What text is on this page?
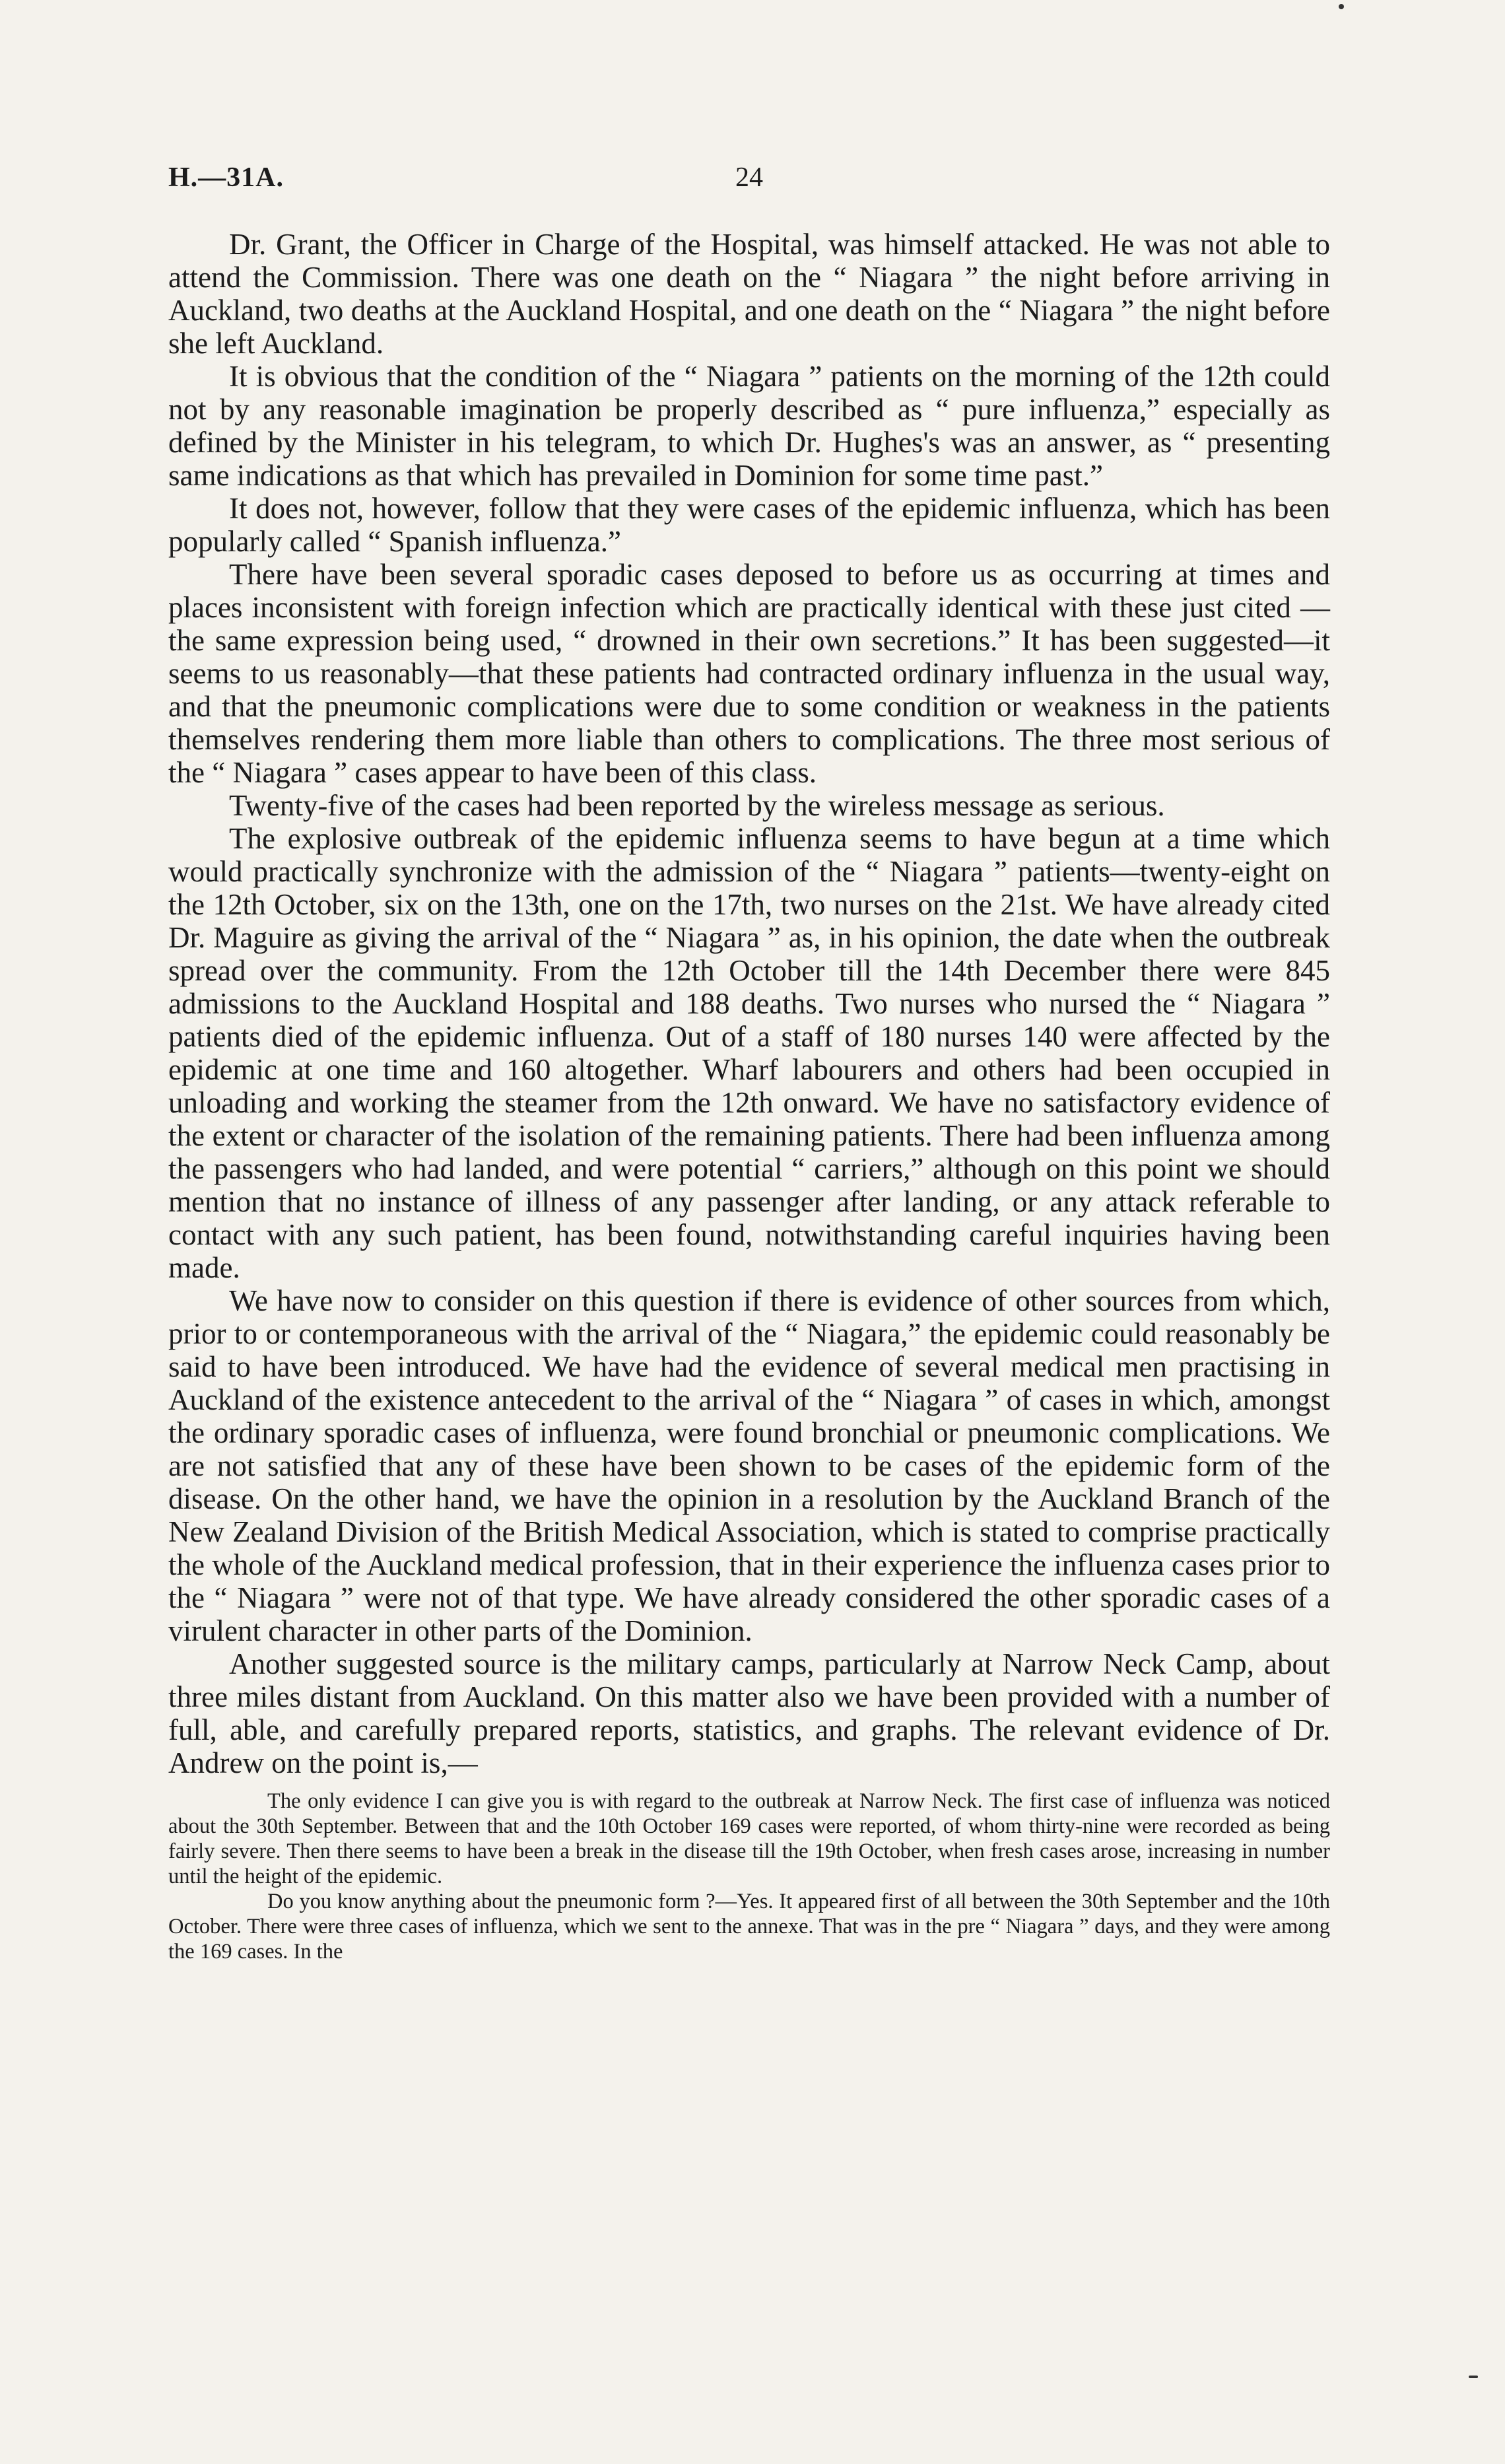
H.—31A.	24

Dr. Grant, the Officer in Charge of the Hospital, was himself attacked. He was not able to attend the Commission. There was one death on the “ Niagara ” the night before arriving in Auckland, two deaths at the Auckland Hospital, and one death on the “ Niagara ” the night before she left Auckland.

It is obvious that the condition of the “ Niagara ” patients on the morning of the 12th could not by any reasonable imagination be properly described as “ pure influenza,” especially as defined by the Minister in his telegram, to which Dr. Hughes's was an answer, as “ presenting same indications as that which has prevailed in Dominion for some time past.”

It does not, however, follow that they were cases of the epidemic influenza, which has been popularly called “ Spanish influenza.”

There have been several sporadic cases deposed to before us as occurring at times and places inconsistent with foreign infection which are practically identical with these just cited — the same expression being used, “ drowned in their own secretions.” It has been suggested—it seems to us reasonably—that these patients had contracted ordinary influenza in the usual way, and that the pneumonic complications were due to some condition or weakness in the patients themselves rendering them more liable than others to complications. The three most serious of the “ Niagara ” cases appear to have been of this class.

Twenty-five of the cases had been reported by the wireless message as serious.

The explosive outbreak of the epidemic influenza seems to have begun at a time which would practically synchronize with the admission of the “ Niagara ” patients—twenty-eight on the 12th October, six on the 13th, one on the 17th, two nurses on the 21st. We have already cited Dr. Maguire as giving the arrival of the “ Niagara ” as, in his opinion, the date when the outbreak spread over the community. From the 12th October till the 14th December there were 845 admissions to the Auckland Hospital and 188 deaths. Two nurses who nursed the “ Niagara ” patients died of the epidemic influenza. Out of a staff of 180 nurses 140 were affected by the epidemic at one time and 160 altogether. Wharf labourers and others had been occupied in unloading and working the steamer from the 12th onward. We have no satisfactory evidence of the extent or character of the isolation of the remaining patients. There had been influenza among the passengers who had landed, and were potential “ carriers,” although on this point we should mention that no instance of illness of any passenger after landing, or any attack referable to contact with any such patient, has been found, notwithstanding careful inquiries having been made.

We have now to consider on this question if there is evidence of other sources from which, prior to or contemporaneous with the arrival of the “ Niagara,” the epidemic could reasonably be said to have been introduced. We have had the evidence of several medical men practising in Auckland of the existence antecedent to the arrival of the “ Niagara ” of cases in which, amongst the ordinary sporadic cases of influenza, were found bronchial or pneumonic complications. We are not satisfied that any of these have been shown to be cases of the epidemic form of the disease. On the other hand, we have the opinion in a resolution by the Auckland Branch of the New Zealand Division of the British Medical Association, which is stated to comprise practically the whole of the Auckland medical profession, that in their experience the influenza cases prior to the “ Niagara ” were not of that type. We have already considered the other sporadic cases of a virulent character in other parts of the Dominion.

Another suggested source is the military camps, particularly at Narrow Neck Camp, about three miles distant from Auckland. On this matter also we have been provided with a number of full, able, and carefully prepared reports, statistics, and graphs. The relevant evidence of Dr. Andrew on the point is,—

The only evidence I can give you is with regard to the outbreak at Narrow Neck. The first case of influenza was noticed about the 30th September. Between that and the 10th October 169 cases were reported, of whom thirty-nine were recorded as being fairly severe. Then there seems to have been a break in the disease till the 19th October, when fresh cases arose, increasing in number until the height of the epidemic.

Do you know anything about the pneumonic form ?—Yes. It appeared first of all between the 30th September and the 10th October. There were three cases of influenza, which we sent to the annexe. That was in the pre “ Niagara ” days, and they were among the 169 cases. In the
